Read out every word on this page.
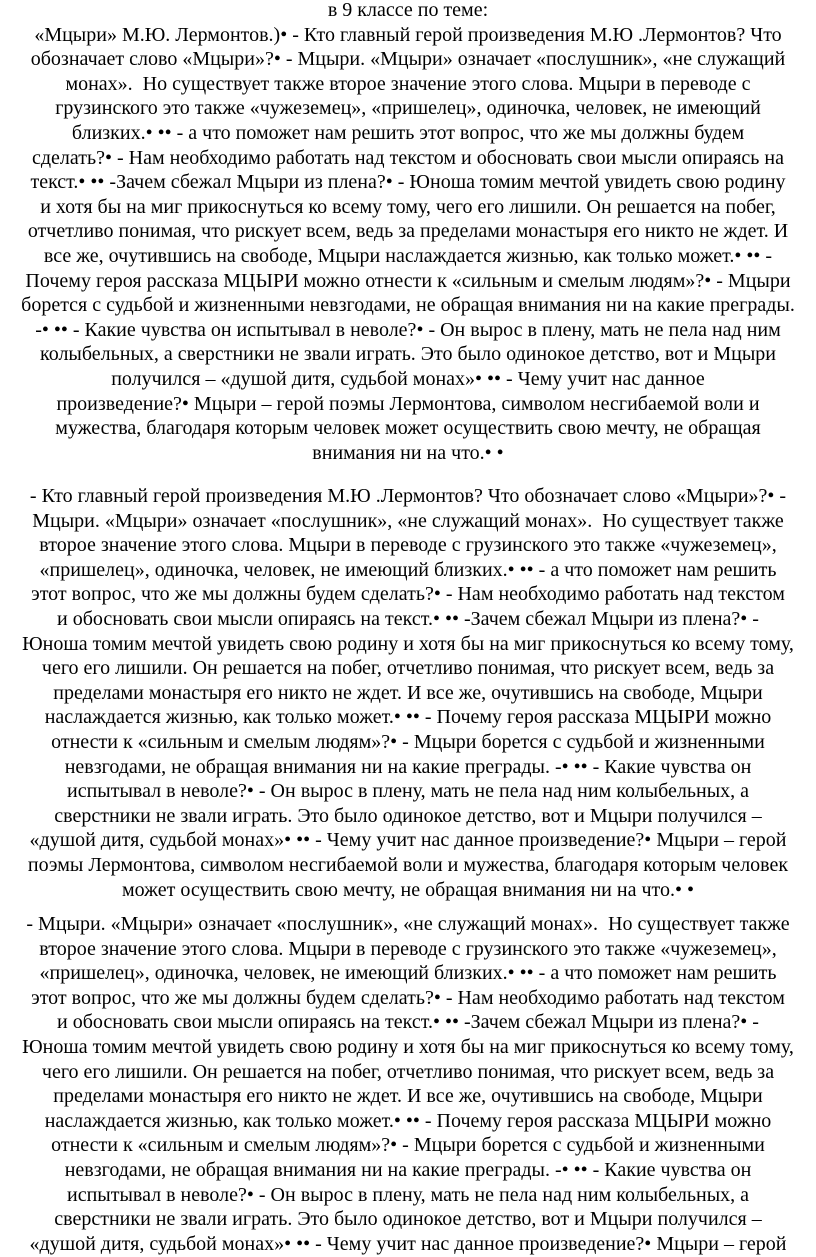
в 9 классе по теме:
«Мцыри» М.Ю. Лермонтов.)• - Кто главный герой произведения М.Ю .Лермонтов? Что
обозначает слово «Мцыри»?• - Мцыри. «Мцыри» означает «послушник», «не служащий
монах».  Но существует также второе значение этого слова. Мцыри в переводе с
грузинского это также «чужеземец», «пришелец», одиночка, человек, не имеющий
близких.• •• - а что поможет нам решить этот вопрос, что же мы должны будем
сделать?• - Нам необходимо работать над текстом и обосновать свои мысли опираясь на
текст.• •• -Зачем сбежал Мцыри из плена?• - Юноша томим мечтой увидеть свою родину
и хотя бы на миг прикоснуться ко всему тому, чего его лишили. Он решается на побег,
отчетливо понимая, что рискует всем, ведь за пределами монастыря его никто не ждет. И
все же, очутившись на свободе, Мцыри наслаждается жизнью, как только может.• •• -
Почему героя рассказа МЦЫРИ можно отнести к «сильным и смелым людям»?• - Мцыри
борется с судьбой и жизненными невзгодами, не обращая внимания ни на какие преграды.
-• •• - Какие чувства он испытывал в неволе?• - Он вырос в плену, мать не пела над ним
колыбельных, а сверстники не звали играть. Это было одинокое детство, вот и Мцыри
получился – «душой дитя, судьбой монах»• •• - Чему учит нас данное
произведение?• Мцыри – герой поэмы Лермонтова, символом несгибаемой воли и
мужества, благодаря которым человек может осуществить свою мечту, не обращая
внимания ни на что.• •
- Кто главный герой произведения М.Ю .Лермонтов? Что обозначает слово «Мцыри»?• -
Мцыри. «Мцыри» означает «послушник», «не служащий монах».  Но существует также
второе значение этого слова. Мцыри в переводе с грузинского это также «чужеземец»,
«пришелец», одиночка, человек, не имеющий близких.• •• - а что поможет нам решить
этот вопрос, что же мы должны будем сделать?• - Нам необходимо работать над текстом
и обосновать свои мысли опираясь на текст.• •• -Зачем сбежал Мцыри из плена?• -
Юноша томим мечтой увидеть свою родину и хотя бы на миг прикоснуться ко всему тому,
чего его лишили. Он решается на побег, отчетливо понимая, что рискует всем, ведь за
пределами монастыря его никто не ждет. И все же, очутившись на свободе, Мцыри
наслаждается жизнью, как только может.• •• - Почему героя рассказа МЦЫРИ можно
отнести к «сильным и смелым людям»?• - Мцыри борется с судьбой и жизненными
невзгодами, не обращая внимания ни на какие преграды. -• •• - Какие чувства он
испытывал в неволе?• - Он вырос в плену, мать не пела над ним колыбельных, а
сверстники не звали играть. Это было одинокое детство, вот и Мцыри получился –
«душой дитя, судьбой монах»• •• - Чему учит нас данное произведение?• Мцыри – герой
поэмы Лермонтова, символом несгибаемой воли и мужества, благодаря которым человек
может осуществить свою мечту, не обращая внимания ни на что.• •
- Мцыри. «Мцыри» означает «послушник», «не служащий монах».  Но существует также
второе значение этого слова. Мцыри в переводе с грузинского это также «чужеземец»,
«пришелец», одиночка, человек, не имеющий близких.• •• - а что поможет нам решить
этот вопрос, что же мы должны будем сделать?• - Нам необходимо работать над текстом
и обосновать свои мысли опираясь на текст.• •• -Зачем сбежал Мцыри из плена?• -
Юноша томим мечтой увидеть свою родину и хотя бы на миг прикоснуться ко всему тому,
чего его лишили. Он решается на побег, отчетливо понимая, что рискует всем, ведь за
пределами монастыря его никто не ждет. И все же, очутившись на свободе, Мцыри
наслаждается жизнью, как только может.• •• - Почему героя рассказа МЦЫРИ можно
отнести к «сильным и смелым людям»?• - Мцыри борется с судьбой и жизненными
невзгодами, не обращая внимания ни на какие преграды. -• •• - Какие чувства он
испытывал в неволе?• - Он вырос в плену, мать не пела над ним колыбельных, а
сверстники не звали играть. Это было одинокое детство, вот и Мцыри получился –
«душой дитя, судьбой монах»• •• - Чему учит нас данное произведение?• Мцыри – герой
